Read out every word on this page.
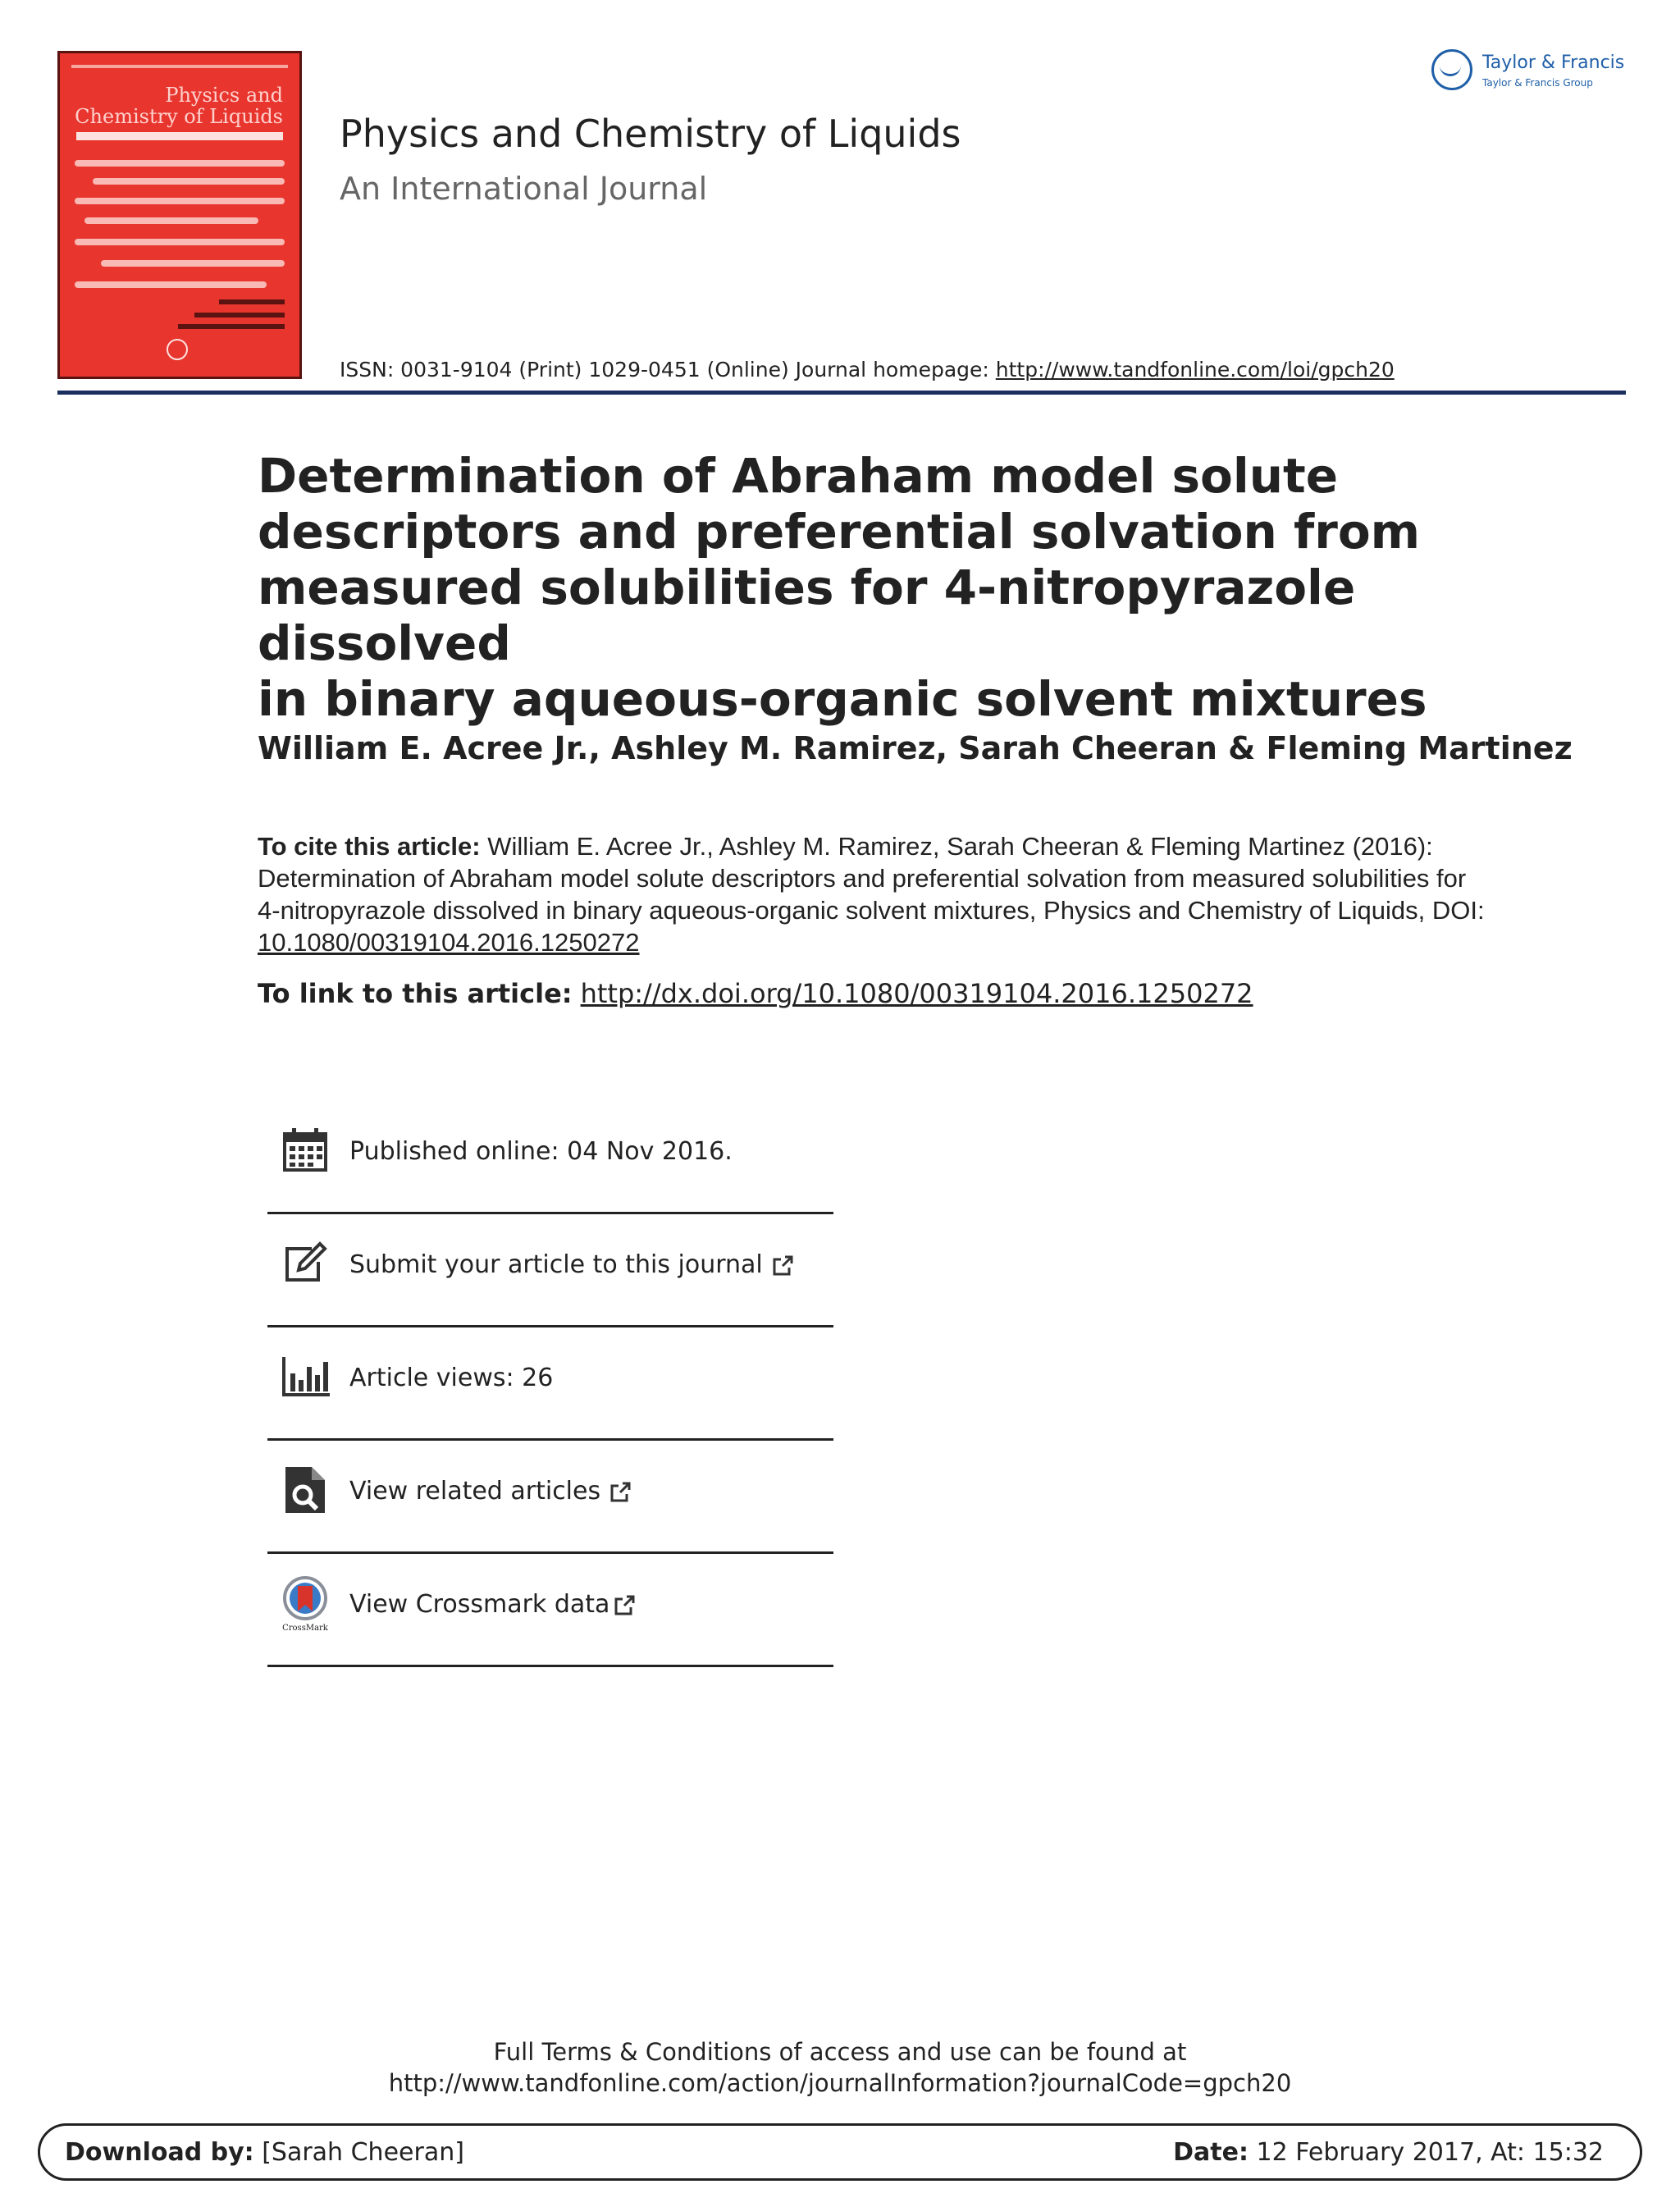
Physics and
Chemistry of Liquids
Taylor & Francis
Taylor & Francis Group
Physics and Chemistry of Liquids
An International Journal
ISSN: 0031-9104 (Print) 1029-0451 (Online) Journal homepage: http://www.tandfonline.com/loi/gpch20
Determination of Abraham model solute
descriptors and preferential solvation from
measured solubilities for 4-nitropyrazole dissolved
in binary aqueous-organic solvent mixtures
William E. Acree Jr., Ashley M. Ramirez, Sarah Cheeran & Fleming Martinez
To cite this article: William E. Acree Jr., Ashley M. Ramirez, Sarah Cheeran & Fleming Martinez (2016): Determination of Abraham model solute descriptors and preferential solvation from measured solubilities for 4-nitropyrazole dissolved in binary aqueous-organic solvent mixtures, Physics and Chemistry of Liquids, DOI: 10.1080/00319104.2016.1250272
To link to this article: http://dx.doi.org/10.1080/00319104.2016.1250272
Published online: 04 Nov 2016.
Submit your article to this journal
Article views: 26
View related articles
CrossMark
View Crossmark data
Full Terms & Conditions of access and use can be found at
http://www.tandfonline.com/action/journalInformation?journalCode=gpch20
Download by: [Sarah Cheeran]	Date: 12 February 2017, At: 15:32
